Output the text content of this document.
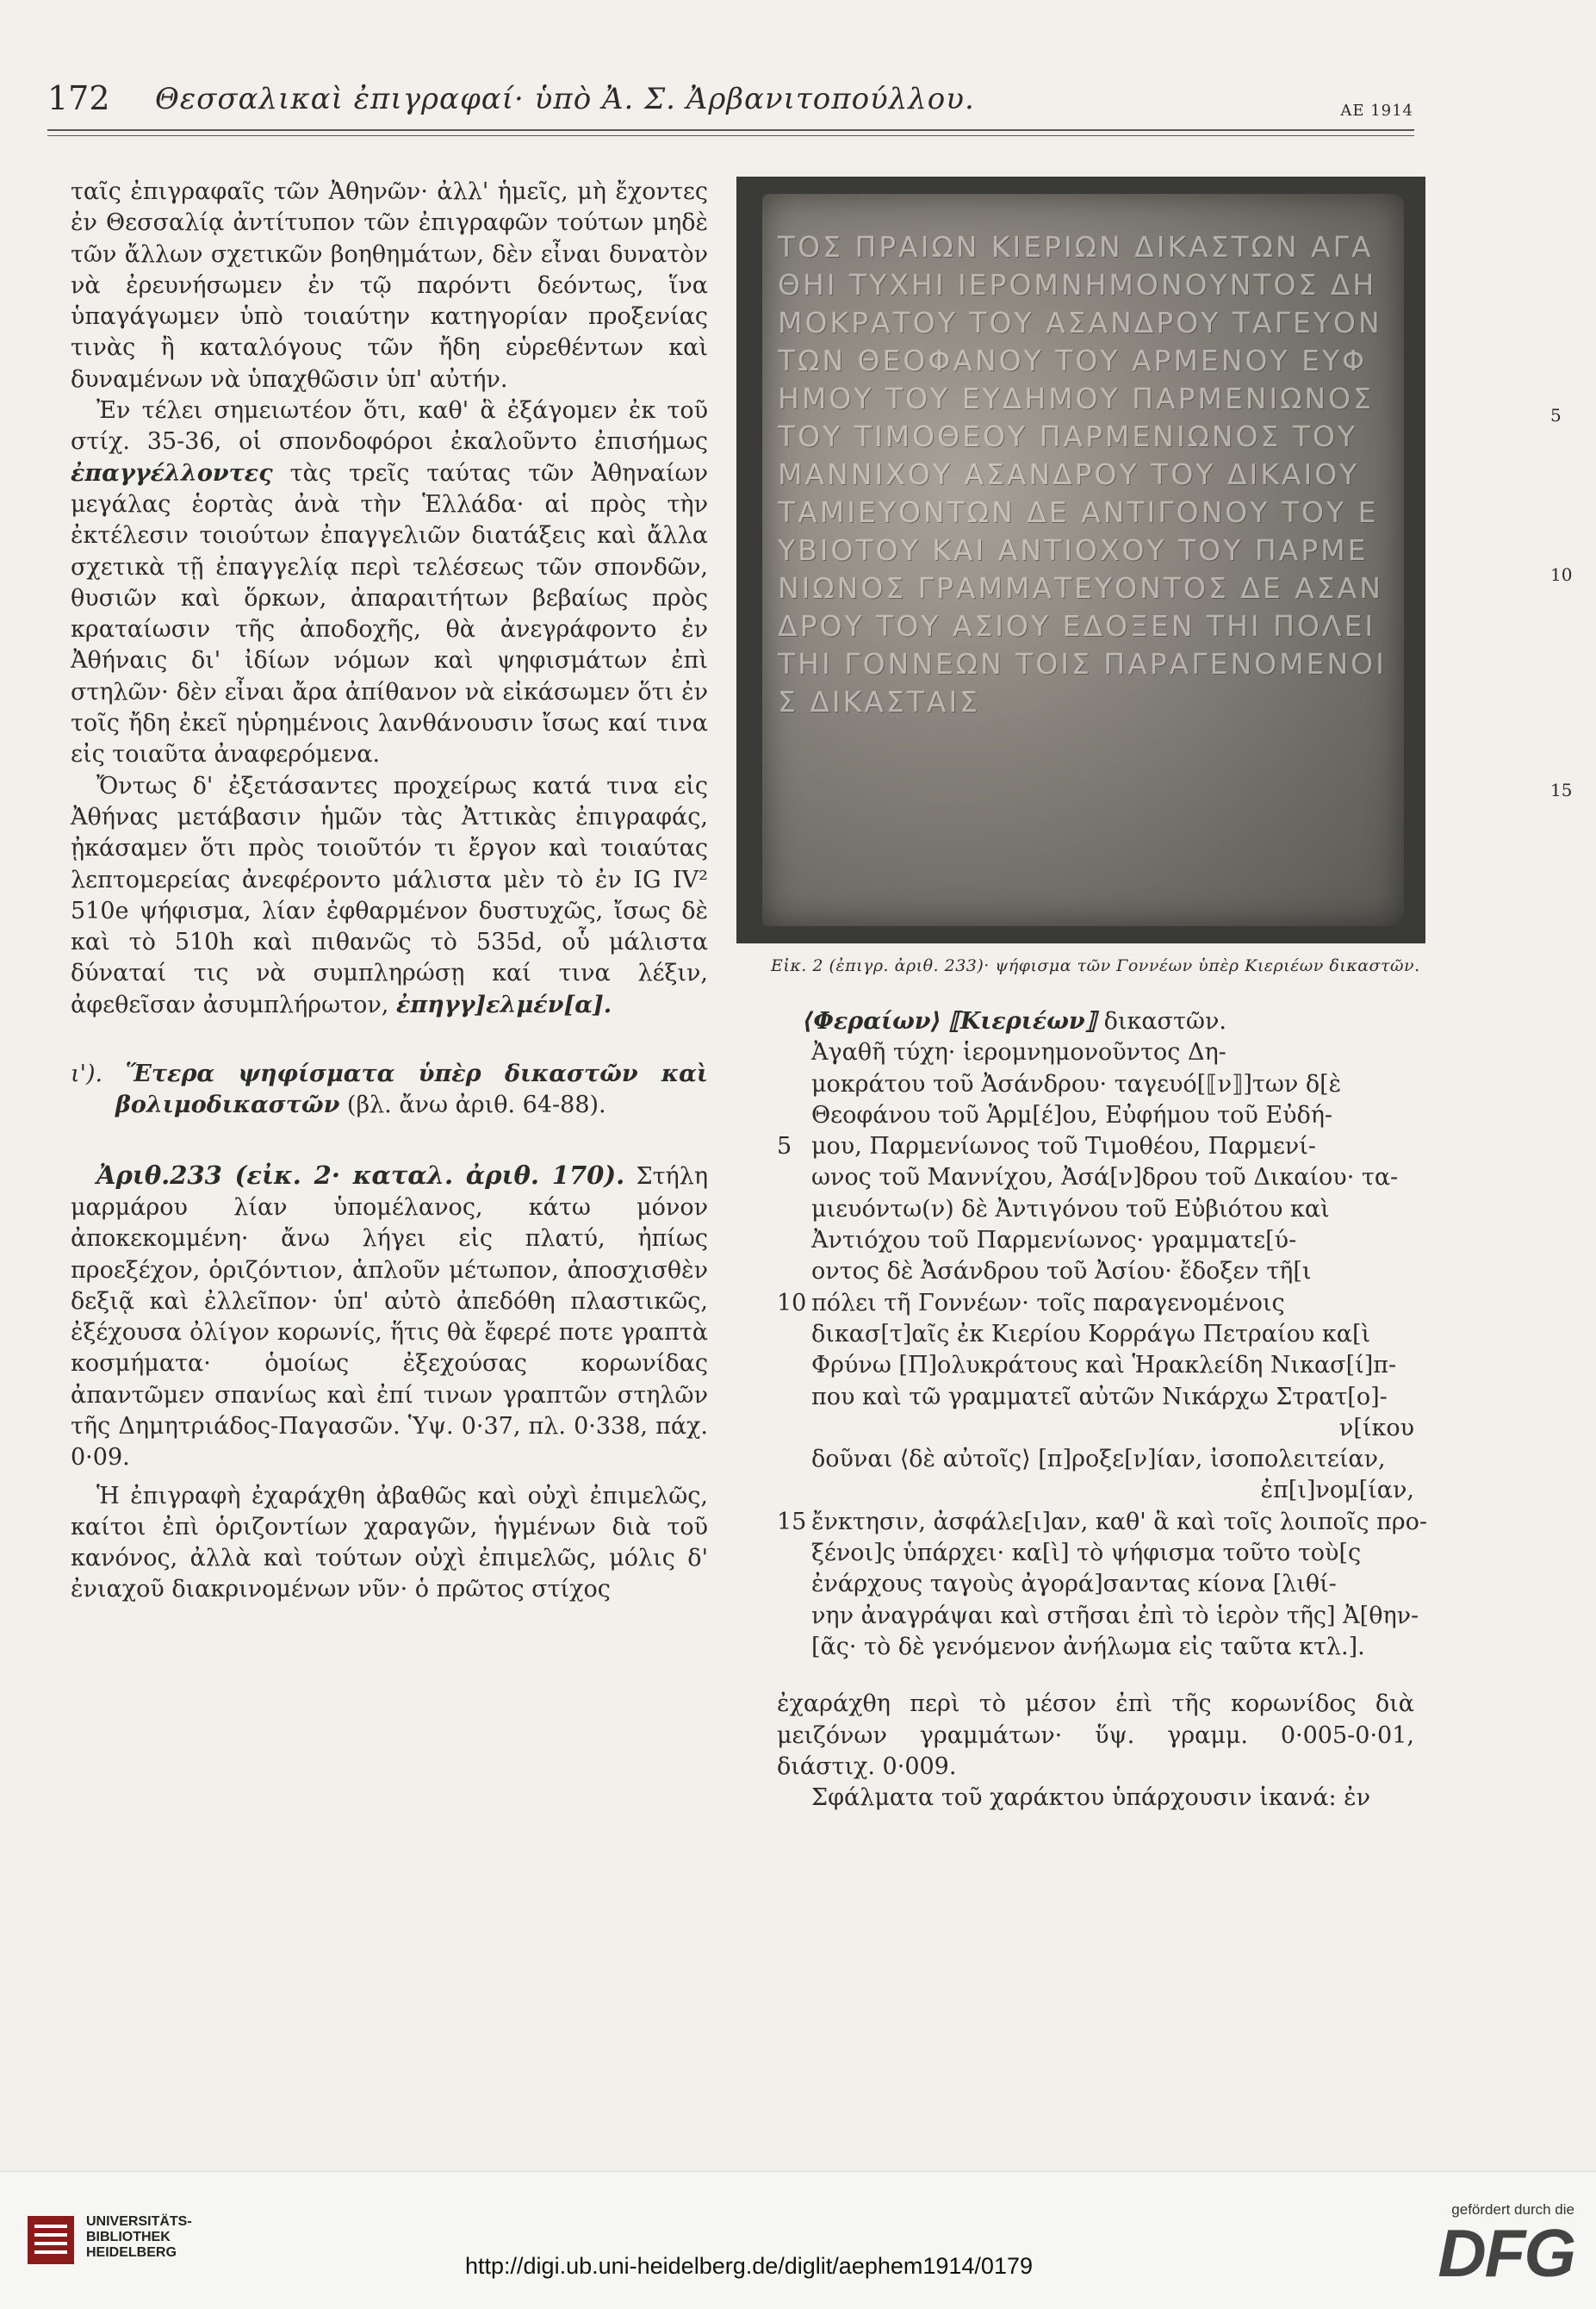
172 Θεσσαλικαὶ ἐπιγραφαί· ὑπὸ Ἀ. Σ. Ἀρβανιτοπούλλου.	ΑΕ 1914

ταῖς ἐπιγραφαῖς τῶν Ἀθηνῶν· ἀλλ' ἡμεῖς, μὴ ἔχοντες ἐν Θεσσαλίᾳ ἀντίτυπον τῶν ἐπιγραφῶν τούτων μηδὲ τῶν ἄλλων σχετικῶν βοηθημάτων, δὲν εἶναι δυνατὸν νὰ ἐρευνήσωμεν ἐν τῷ παρόντι δεόντως, ἵνα ὑπαγάγωμεν ὑπὸ τοιαύτην κατηγορίαν προξενίας τινὰς ἢ καταλόγους τῶν ἤδη εὑρεθέντων καὶ δυναμένων νὰ ὑπαχθῶσιν ὑπ' αὐτήν.

Ἐν τέλει σημειωτέον ὅτι, καθ' ἃ ἐξάγομεν ἐκ τοῦ στίχ. 35-36, οἱ σπονδοφόροι ἐκαλοῦντο ἐπισήμως ἐπαγγέλλοντες τὰς τρεῖς ταύτας τῶν Ἀθηναίων μεγάλας ἑορτὰς ἀνὰ τὴν Ἑλλάδα· αἱ πρὸς τὴν ἐκτέλεσιν τοιούτων ἐπαγγελιῶν διατάξεις καὶ ἄλλα σχετικὰ τῇ ἐπαγγελίᾳ περὶ τελέσεως τῶν σπονδῶν, θυσιῶν καὶ ὅρκων, ἀπαραιτήτων βεβαίως πρὸς κραταίωσιν τῆς ἀποδοχῆς, θὰ ἀνεγράφοντο ἐν Ἀθήναις δι' ἰδίων νόμων καὶ ψηφισμάτων ἐπὶ στηλῶν· δὲν εἶναι ἄρα ἀπίθανον νὰ εἰκάσωμεν ὅτι ἐν τοῖς ἤδη ἐκεῖ ηὑρημένοις λανθάνουσιν ἴσως καί τινα εἰς τοιαῦτα ἀναφερόμενα.

Ὄντως δ' ἐξετάσαντες προχείρως κατά τινα εἰς Ἀθήνας μετάβασιν ἡμῶν τὰς Ἀττικὰς ἐπιγραφάς, ᾐκάσαμεν ὅτι πρὸς τοιοῦτόν τι ἔργον καὶ τοιαύτας λεπτομερείας ἀνεφέροντο μάλιστα μὲν τὸ ἐν IG IV² 510e ψήφισμα, λίαν ἐφθαρμένον δυστυχῶς, ἴσως δὲ καὶ τὸ 510h καὶ πιθανῶς τὸ 535d, οὗ μάλιστα δύναταί τις νὰ συμπληρώσῃ καί τινα λέξιν, ἀφεθεῖσαν ἀσυμπλήρωτον, ἐπηγγ]ελμέν[α].

ι'). Ἕτερα ψηφίσματα ὑπὲρ δικαστῶν καὶ βολιμοδικαστῶν (βλ. ἄνω ἀριθ. 64-88).

Ἀριθ.233 (εἰκ. 2· καταλ. ἀριθ. 170). Στήλη μαρμάρου λίαν ὑπομέλανος, κάτω μόνον ἀποκεκομμένη· ἄνω λήγει εἰς πλατύ, ἠπίως προεξέχον, ὁριζόντιον, ἁπλοῦν μέτωπον, ἀποσχισθὲν δεξιᾷ καὶ ἐλλεῖπον· ὑπ' αὐτὸ ἀπεδόθη πλαστικῶς, ἐξέχουσα ὀλίγον κορωνίς, ἥτις θὰ ἔφερέ ποτε γραπτὰ κοσμήματα· ὁμοίως ἐξεχούσας κορωνίδας ἀπαντῶμεν σπανίως καὶ ἐπί τινων γραπτῶν στηλῶν τῆς Δημητριάδος-Παγασῶν. Ὑψ. 0·37, πλ. 0·338, πάχ. 0·09.

Ἡ ἐπιγραφὴ ἐχαράχθη ἀβαθῶς καὶ οὐχὶ ἐπιμελῶς, καίτοι ἐπὶ ὁριζοντίων χαραγῶν, ἡγμένων διὰ τοῦ κανόνος, ἀλλὰ καὶ τούτων οὐχὶ ἐπιμελῶς, μόλις δ' ἐνιαχοῦ διακρινομένων νῦν· ὁ πρῶτος στίχος

ΤΟΣ ΠΡΑΙΩΝ ΚΙΕΡΙΩΝ ΔΙΚΑΣΤΩΝ ΑΓΑΘΗΙ ΤΥΧΗΙ ΙΕΡΟΜΝΗΜΟΝΟΥΝΤΟΣ ΔΗΜΟΚΡΑΤΟΥ ΤΟΥ ΑΣΑΝΔΡΟΥ ΤΑΓΕΥΟΝΤΩΝ ΘΕΟΦΑΝΟΥ ΤΟΥ ΑΡΜΕΝΟΥ ΕΥΦΗΜΟΥ ΤΟΥ ΕΥΔΗΜΟΥ ΠΑΡΜΕΝΙΩΝΟΣ ΤΟΥ ΤΙΜΟΘΕΟΥ ΠΑΡΜΕΝΙΩΝΟΣ ΤΟΥ ΜΑΝΝΙΧΟΥ ΑΣΑΝΔΡΟΥ ΤΟΥ ΔΙΚΑΙΟΥ ΤΑΜΙΕΥΟΝΤΩΝ ΔΕ ΑΝΤΙΓΟΝΟΥ ΤΟΥ ΕΥΒΙΟΤΟΥ ΚΑΙ ΑΝΤΙΟΧΟΥ ΤΟΥ ΠΑΡΜΕΝΙΩΝΟΣ ΓΡΑΜΜΑΤΕΥΟΝΤΟΣ ΔΕ ΑΣΑΝΔΡΟΥ ΤΟΥ ΑΣΙΟΥ ΕΔΟΞΕΝ ΤΗΙ ΠΟΛΕΙ ΤΗΙ ΓΟΝΝΕΩΝ ΤΟΙΣ ΠΑΡΑΓΕΝΟΜΕΝΟΙΣ ΔΙΚΑΣΤΑΙΣ
5
10
15
Εἰκ. 2 (ἐπιγρ. ἀριθ. 233)· ψήφισμα τῶν Γοννέων ὑπὲρ Κιεριέων δικαστῶν.
⟨Φεραίων⟩ ⟦Κιεριέων⟧ δικαστῶν.
Ἀγαθῆ τύχη· ἱερομνημονοῦντος Δη-
μοκράτου τοῦ Ἀσάνδρου· ταγευό[⟦ν⟧]των δ[ὲ
Θεοφάνου τοῦ Ἁρμ[έ]ου, Εὐφήμου τοῦ Εὐδή-
5 μου, Παρμενίωνος τοῦ Τιμοθέου, Παρμενί-
ωνος τοῦ Μαννίχου, Ἀσά[ν]δρου τοῦ Δικαίου· τα-
μιευόντω(ν) δὲ Ἀντιγόνου τοῦ Εὐβιότου καὶ
Ἀντιόχου τοῦ Παρμενίωνος· γραμματε[ύ-
οντος δὲ Ἀσάνδρου τοῦ Ἀσίου· ἔδοξεν τῆ[ι
10 πόλει τῆ Γοννέων· τοῖς παραγενομένοις
δικασ[τ]αῖς ἐκ Κιερίου Κορράγω Πετραίου κα[ὶ
Φρύνω [Π]ολυκράτους καὶ Ἡρακλείδη Νικασ[ί]π-
που καὶ τῶ γραμματεῖ αὐτῶν Νικάρχω Στρατ[ο]-
ν[ίκου
δοῦναι ⟨δὲ αὐτοῖς⟩ [π]ροξε[ν]ίαν, ἰσοπολειτείαν,
ἐπ[ι]νομ[ίαν,
15 ἔνκτησιν, ἀσφάλε[ι]αν, καθ' ἃ καὶ τοῖς λοιποῖς προ-
ξένοι]ς ὑπάρχει· κα[ὶ] τὸ ψήφισμα τοῦτο τοὺ[ς
ἐνάρχους ταγοὺς ἀγορά]σαντας κίονα [λιθί-
νην ἀναγράψαι καὶ στῆσαι ἐπὶ τὸ ἱερὸν τῆς] Ἀ[θην-
[ᾶς· τὸ δὲ γενόμενον ἀνήλωμα εἰς ταῦτα κτλ.].

ἐχαράχθη περὶ τὸ μέσον ἐπὶ τῆς κορωνίδος διὰ μειζόνων γραμμάτων· ὕψ. γραμμ. 0·005-0·01, διάστιχ. 0·009.

Σφάλματα τοῦ χαράκτου ὑπάρχουσιν ἱκανά: ἐν

UNIVERSITÄTS-
BIBLIOTHEK
HEIDELBERG
http://digi.ub.uni-heidelberg.de/diglit/aephem1914/0179
gefördert durch die
DFG
